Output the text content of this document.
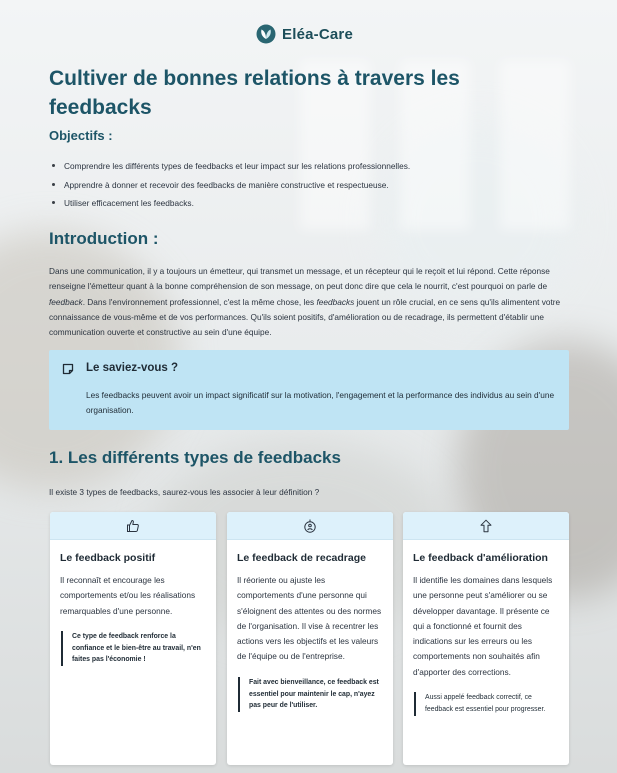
Eléa-Care
Cultiver de bonnes relations à travers les feedbacks
Objectifs :
Comprendre les différents types de feedbacks et leur impact sur les relations professionnelles.
Apprendre à donner et recevoir des feedbacks de manière constructive et respectueuse.
Utiliser efficacement les feedbacks.
Introduction :

Dans une communication, il y a toujours un émetteur, qui transmet un message, et un récepteur qui le reçoit et lui répond. Cette réponse renseigne l'émetteur quant à la bonne compréhension de son message, on peut donc dire que cela le nourrit, c'est pourquoi on parle de feedback. Dans l'environnement professionnel, c'est la même chose, les feedbacks jouent un rôle crucial, en ce sens qu'ils alimentent votre connaissance de vous-même et de vos performances. Qu'ils soient positifs, d'amélioration ou de recadrage, ils permettent d'établir une communication ouverte et constructive au sein d'une équipe.

Le saviez-vous ?

Les feedbacks peuvent avoir un impact significatif sur la motivation, l'engagement et la performance des individus au sein d'une organisation.

1. Les différents types de feedbacks

Il existe 3 types de feedbacks, saurez-vous les associer à leur définition ?

Le feedback positif
Il reconnaît et encourage les comportements et/ou les réalisations remarquables d'une personne.
Ce type de feedback renforce la confiance et le bien-être au travail, n'en faites pas l'économie !
Le feedback de recadrage
Il réoriente ou ajuste les comportements d'une personne qui s'éloignent des attentes ou des normes de l'organisation. Il vise à recentrer les actions vers les objectifs et les valeurs de l'équipe ou de l'entreprise.
Fait avec bienveillance, ce feedback est essentiel pour maintenir le cap, n'ayez pas peur de l'utiliser.
Le feedback d'amélioration
Il identifie les domaines dans lesquels une personne peut s'améliorer ou se développer davantage. Il présente ce qui a fonctionné et fournit des indications sur les erreurs ou les comportements non souhaités afin d'apporter des corrections.
Aussi appelé feedback correctif, ce feedback est essentiel pour progresser.
